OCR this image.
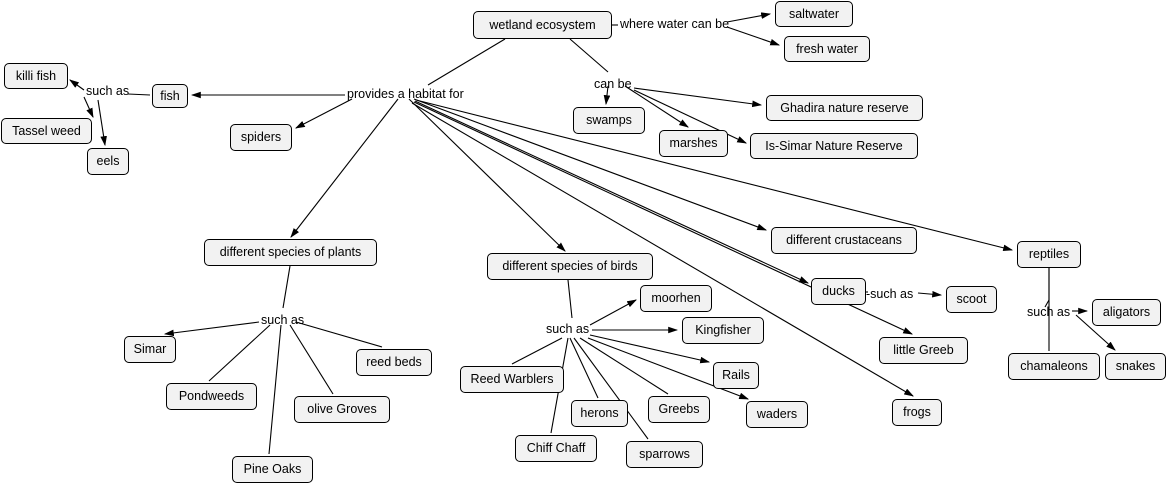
wetland ecosystem
saltwater
fresh water
fish
killi fish
Tassel weed
eels
spiders
swamps
marshes
Ghadira nature reserve
Is-Simar Nature Reserve
different crustaceans
reptiles
different species of plants
different species of birds
ducks
scoot
little Greeb
frogs
aligators
snakes
chamaleons
Simar
Pondweeds
Pine Oaks
olive Groves
reed beds
moorhen
Kingfisher
Rails
waders
Greebs
sparrows
Chiff Chaff
herons
Reed Warblers
where water can be
such as	provides a habitat for
can be
such as
such as
-such as
such as
